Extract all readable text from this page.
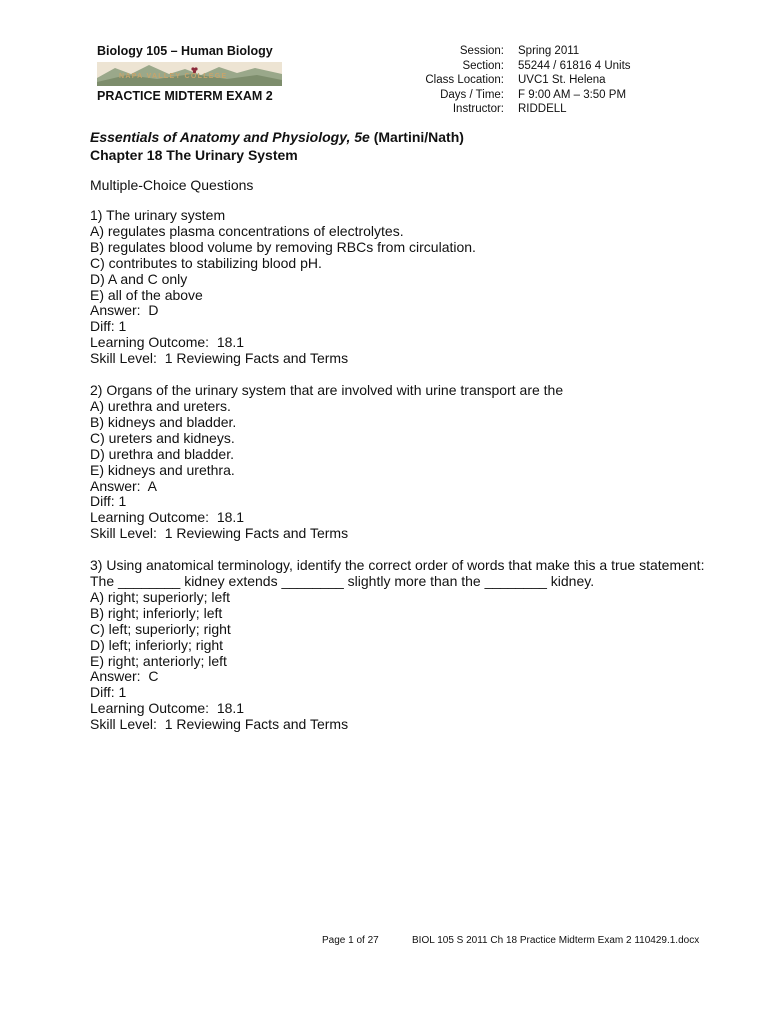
Biology 105 – Human Biology
NAPA VALLEY COLLEGE
PRACTICE MIDTERM EXAM 2
Session:	Spring 2011
Section:	55244 / 61816 4 Units
Class Location:	UVC1 St. Helena
Days / Time:	F 9:00 AM – 3:50 PM
Instructor:	RIDDELL
Essentials of Anatomy and Physiology, 5e (Martini/Nath)
Chapter 18 The Urinary System
Multiple-Choice Questions
1) The urinary system
A) regulates plasma concentrations of electrolytes.
B) regulates blood volume by removing RBCs from circulation.
C) contributes to stabilizing blood pH.
D) A and C only
E) all of the above
Answer:  D
Diff: 1
Learning Outcome:  18.1
Skill Level:  1 Reviewing Facts and Terms
2) Organs of the urinary system that are involved with urine transport are the
A) urethra and ureters.
B) kidneys and bladder.
C) ureters and kidneys.
D) urethra and bladder.
E) kidneys and urethra.
Answer:  A
Diff: 1
Learning Outcome:  18.1
Skill Level:  1 Reviewing Facts and Terms
3) Using anatomical terminology, identify the correct order of words that make this a true statement:
The ________ kidney extends ________ slightly more than the ________ kidney.
A) right; superiorly; left
B) right; inferiorly; left
C) left; superiorly; right
D) left; inferiorly; right
E) right; anteriorly; left
Answer:  C
Diff: 1
Learning Outcome:  18.1
Skill Level:  1 Reviewing Facts and Terms
Page 1 of 27	BIOL 105 S 2011 Ch 18 Practice Midterm Exam 2 110429.1.docx
